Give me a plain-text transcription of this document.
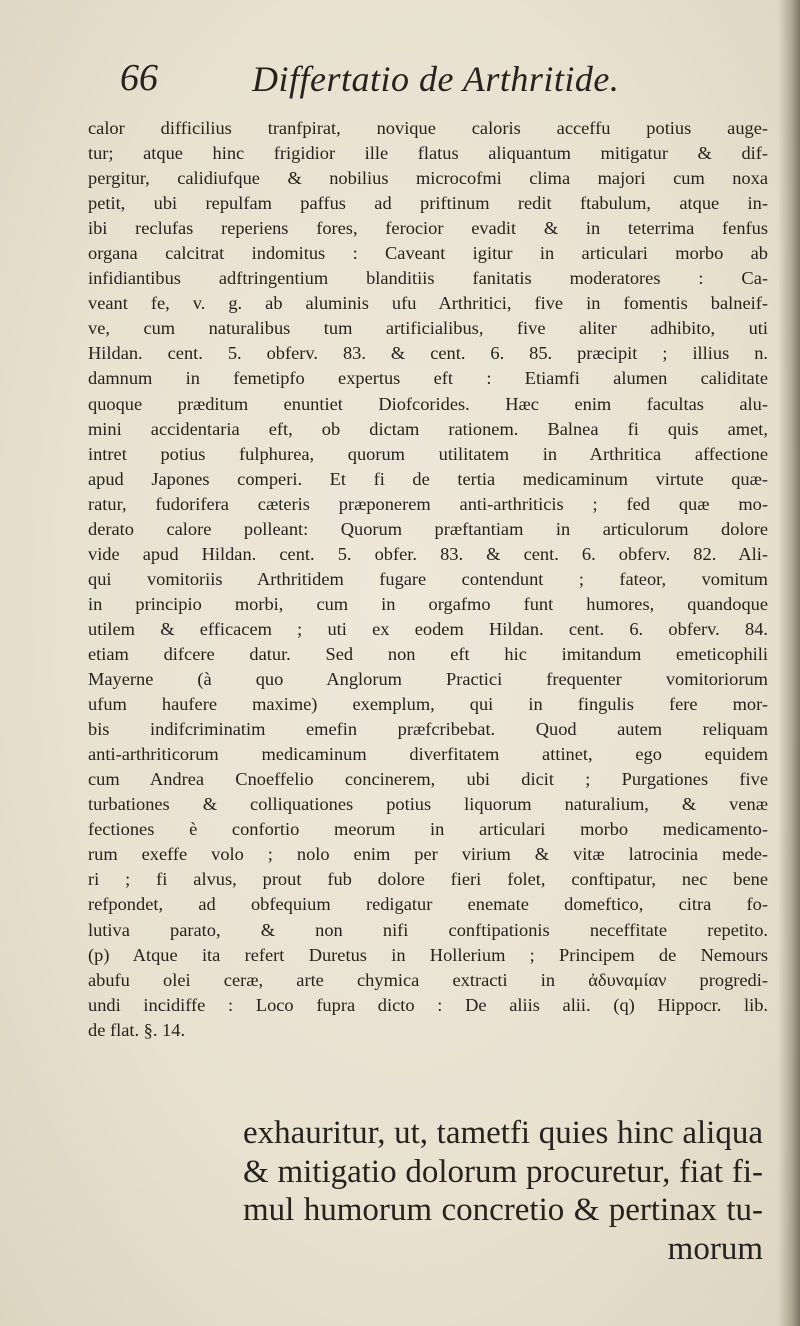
66	Differtatio de Arthritide.
calor difficilius tranfpirat, novique caloris acceffu potius auge-
tur; atque hinc frigidior ille flatus aliquantum mitigatur & dif-
pergitur, calidiufque & nobilius microcofmi clima majori cum noxa
petit, ubi repulfam paffus ad priftinum redit ftabulum, atque in-
ibi reclufas reperiens fores, ferocior evadit & in teterrima fenfus
organa calcitrat indomitus : Caveant igitur in articulari morbo ab
infidiantibus adftringentium blanditiis fanitatis moderatores : Ca-
veant fe, v. g. ab aluminis ufu Arthritici, five in fomentis balneif-
ve, cum naturalibus tum artificialibus, five aliter adhibito, uti
Hildan. cent. 5. obferv. 83. & cent. 6. 85. præcipit ; illius n.
damnum in femetipfo expertus eft : Etiamfi alumen caliditate
quoque præditum enuntiet Diofcorides. Hæc enim facultas alu-
mini accidentaria eft, ob dictam rationem. Balnea fi quis amet,
intret potius fulphurea, quorum utilitatem in Arthritica affectione
apud Japones comperi. Et fi de tertia medicaminum virtute quæ-
ratur, fudorifera cæteris præponerem anti-arthriticis ; fed quæ mo-
derato calore polleant: Quorum præftantiam in articulorum dolore
vide apud Hildan. cent. 5. obfer. 83. & cent. 6. obferv. 82. Ali-
qui vomitoriis Arthritidem fugare contendunt ; fateor, vomitum
in principio morbi, cum in orgafmo funt humores, quandoque
utilem & efficacem ; uti ex eodem Hildan. cent. 6. obferv. 84.
etiam difcere datur. Sed non eft hic imitandum emeticophili
Mayerne (à quo Anglorum Practici frequenter vomitoriorum
ufum haufere maxime) exemplum, qui in fingulis fere mor-
bis indifcriminatim emefin præfcribebat. Quod autem reliquam
anti-arthriticorum medicaminum diverfitatem attinet, ego equidem
cum Andrea Cnoeffelio concinerem, ubi dicit ; Purgationes five
turbationes & colliquationes potius liquorum naturalium, & venæ
fectiones è confortio meorum in articulari morbo medicamento-
rum exeffe volo ; nolo enim per virium & vitæ latrocinia mede-
ri ; fi alvus, prout fub dolore fieri folet, conftipatur, nec bene
refpondet, ad obfequium redigatur enemate domeftico, citra fo-
lutiva parato, & non nifi conftipationis neceffitate repetito.
(p) Atque ita refert Duretus in Hollerium ; Principem de Nemours
abufu olei ceræ, arte chymica extracti in ἀδυναμίαν progredi-
undi incidiffe : Loco fupra dicto : De aliis alii. (q) Hippocr. lib.
de flat. §. 14.
exhauritur, ut, tametfi quies hinc aliqua
& mitigatio dolorum procuretur, fiat fi-
mul humorum concretio & pertinax tu-
morum
